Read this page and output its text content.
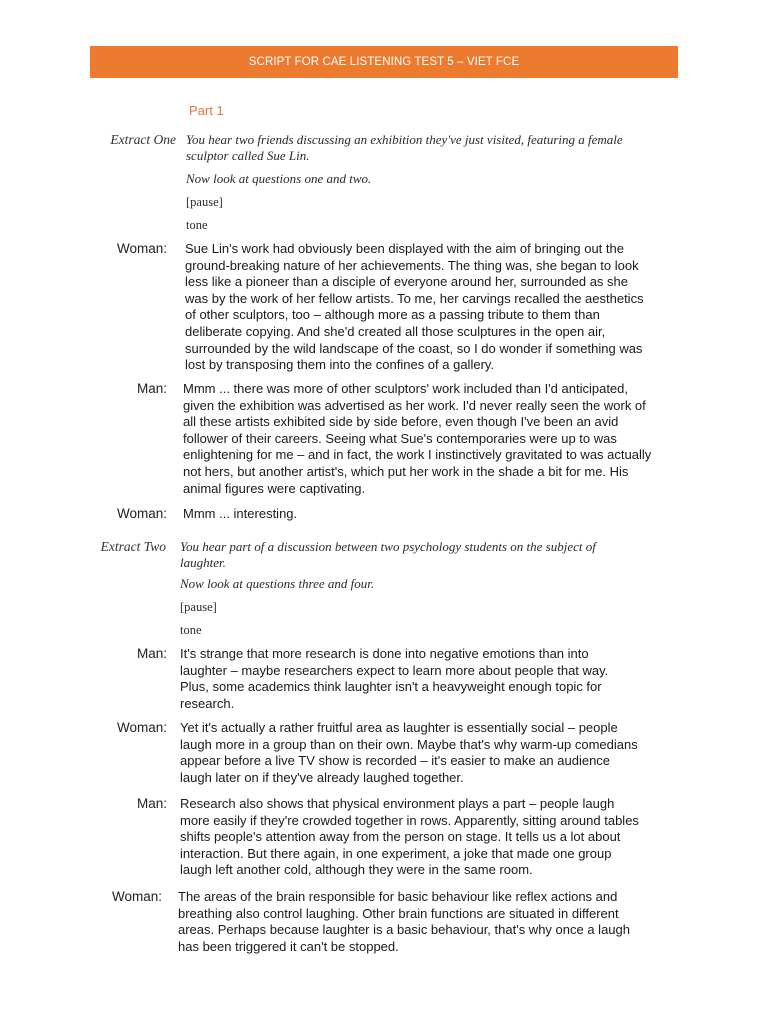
SCRIPT FOR CAE LISTENING TEST 5 – VIET FCE
Part 1
Extract One You hear two friends discussing an exhibition they've just visited, featuring a female sculptor called Sue Lin.
Now look at questions one and two.
[pause]
tone
Woman: Sue Lin's work had obviously been displayed with the aim of bringing out the ground-breaking nature of her achievements. The thing was, she began to look less like a pioneer than a disciple of everyone around her, surrounded as she was by the work of her fellow artists. To me, her carvings recalled the aesthetics of other sculptors, too – although more as a passing tribute to them than deliberate copying. And she'd created all those sculptures in the open air, surrounded by the wild landscape of the coast, so I do wonder if something was lost by transposing them into the confines of a gallery.
Man: Mmm ... there was more of other sculptors' work included than I'd anticipated, given the exhibition was advertised as her work. I'd never really seen the work of all these artists exhibited side by side before, even though I've been an avid follower of their careers. Seeing what Sue's contemporaries were up to was enlightening for me – and in fact, the work I instinctively gravitated to was actually not hers, but another artist's, which put her work in the shade a bit for me. His animal figures were captivating.
Woman: Mmm ... interesting.
Extract Two You hear part of a discussion between two psychology students on the subject of laughter.
Now look at questions three and four.
[pause]
tone
Man: It's strange that more research is done into negative emotions than into laughter – maybe researchers expect to learn more about people that way. Plus, some academics think laughter isn't a heavyweight enough topic for research.
Woman: Yet it's actually a rather fruitful area as laughter is essentially social – people laugh more in a group than on their own. Maybe that's why warm-up comedians appear before a live TV show is recorded – it's easier to make an audience laugh later on if they've already laughed together.
Man: Research also shows that physical environment plays a part – people laugh more easily if they're crowded together in rows. Apparently, sitting around tables shifts people's attention away from the person on stage. It tells us a lot about interaction. But there again, in one experiment, a joke that made one group laugh left another cold, although they were in the same room.
Woman: The areas of the brain responsible for basic behaviour like reflex actions and breathing also control laughing. Other brain functions are situated in different areas. Perhaps because laughter is a basic behaviour, that's why once a laugh has been triggered it can't be stopped.
